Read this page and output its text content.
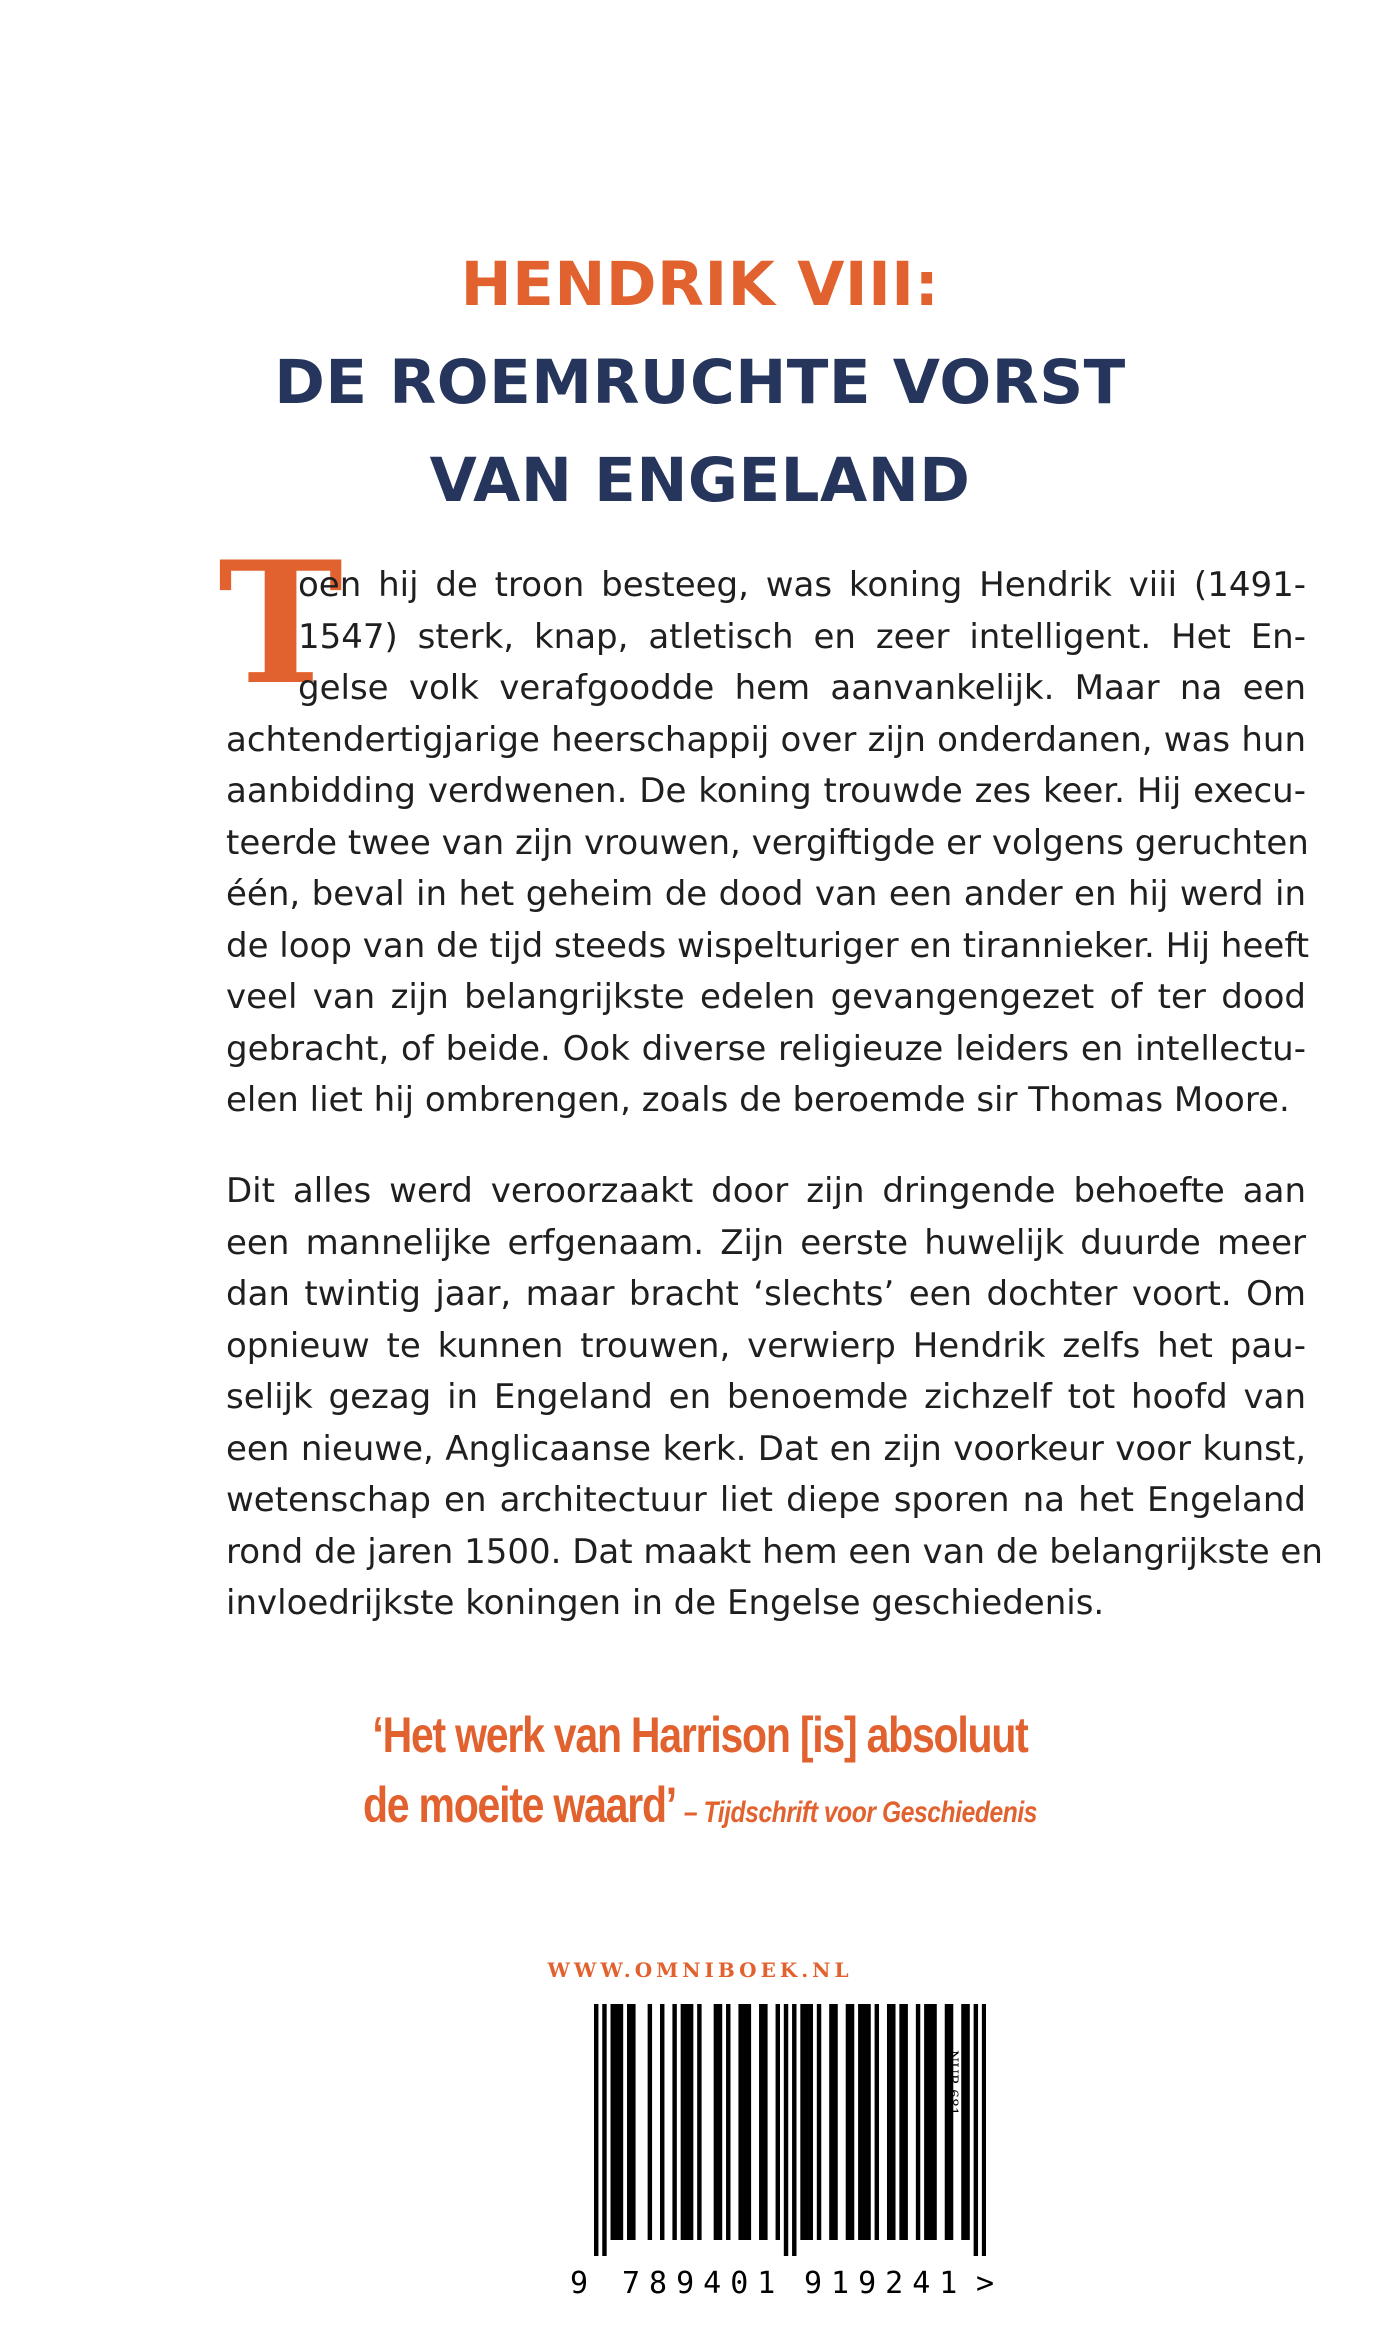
HENDRIK VIII:
DE ROEMRUCHTE VORST
VAN ENGELAND
T
oen hij de troon besteeg, was koning Hendrik viii (1491-
1547) sterk, knap, atletisch en zeer intelligent. Het En-
gelse volk verafgoodde hem aanvankelijk. Maar na een
achtendertigjarige heerschappij over zijn onderdanen, was hun
aanbidding verdwenen. De koning trouwde zes keer. Hij execu-
teerde twee van zijn vrouwen, vergiftigde er volgens geruchten
één, beval in het geheim de dood van een ander en hij werd in
de loop van de tijd steeds wispelturiger en tirannieker. Hij heeft
veel van zijn belangrijkste edelen gevangengezet of ter dood
gebracht, of beide. Ook diverse religieuze leiders en intellectu-
elen liet hij ombrengen, zoals de beroemde sir Thomas Moore.
Dit alles werd veroorzaakt door zijn dringende behoefte aan
een mannelijke erfgenaam. Zijn eerste huwelijk duurde meer
dan twintig jaar, maar bracht ‘slechts’ een dochter voort. Om
opnieuw te kunnen trouwen, verwierp Hendrik zelfs het pau-
selijk gezag in Engeland en benoemde zichzelf tot hoofd van
een nieuwe, Anglicaanse kerk. Dat en zijn voorkeur voor kunst,
wetenschap en architectuur liet diepe sporen na het Engeland
rond de jaren 1500. Dat maakt hem een van de belangrijkste en
invloedrijkste koningen in de Engelse geschiedenis.
‘Het werk van Harrison [is] absoluut
de moeite waard’ – Tijdschrift voor Geschiedenis
WWW.OMNIBOEK.NL
9 789401 919241 >
NUR 681
